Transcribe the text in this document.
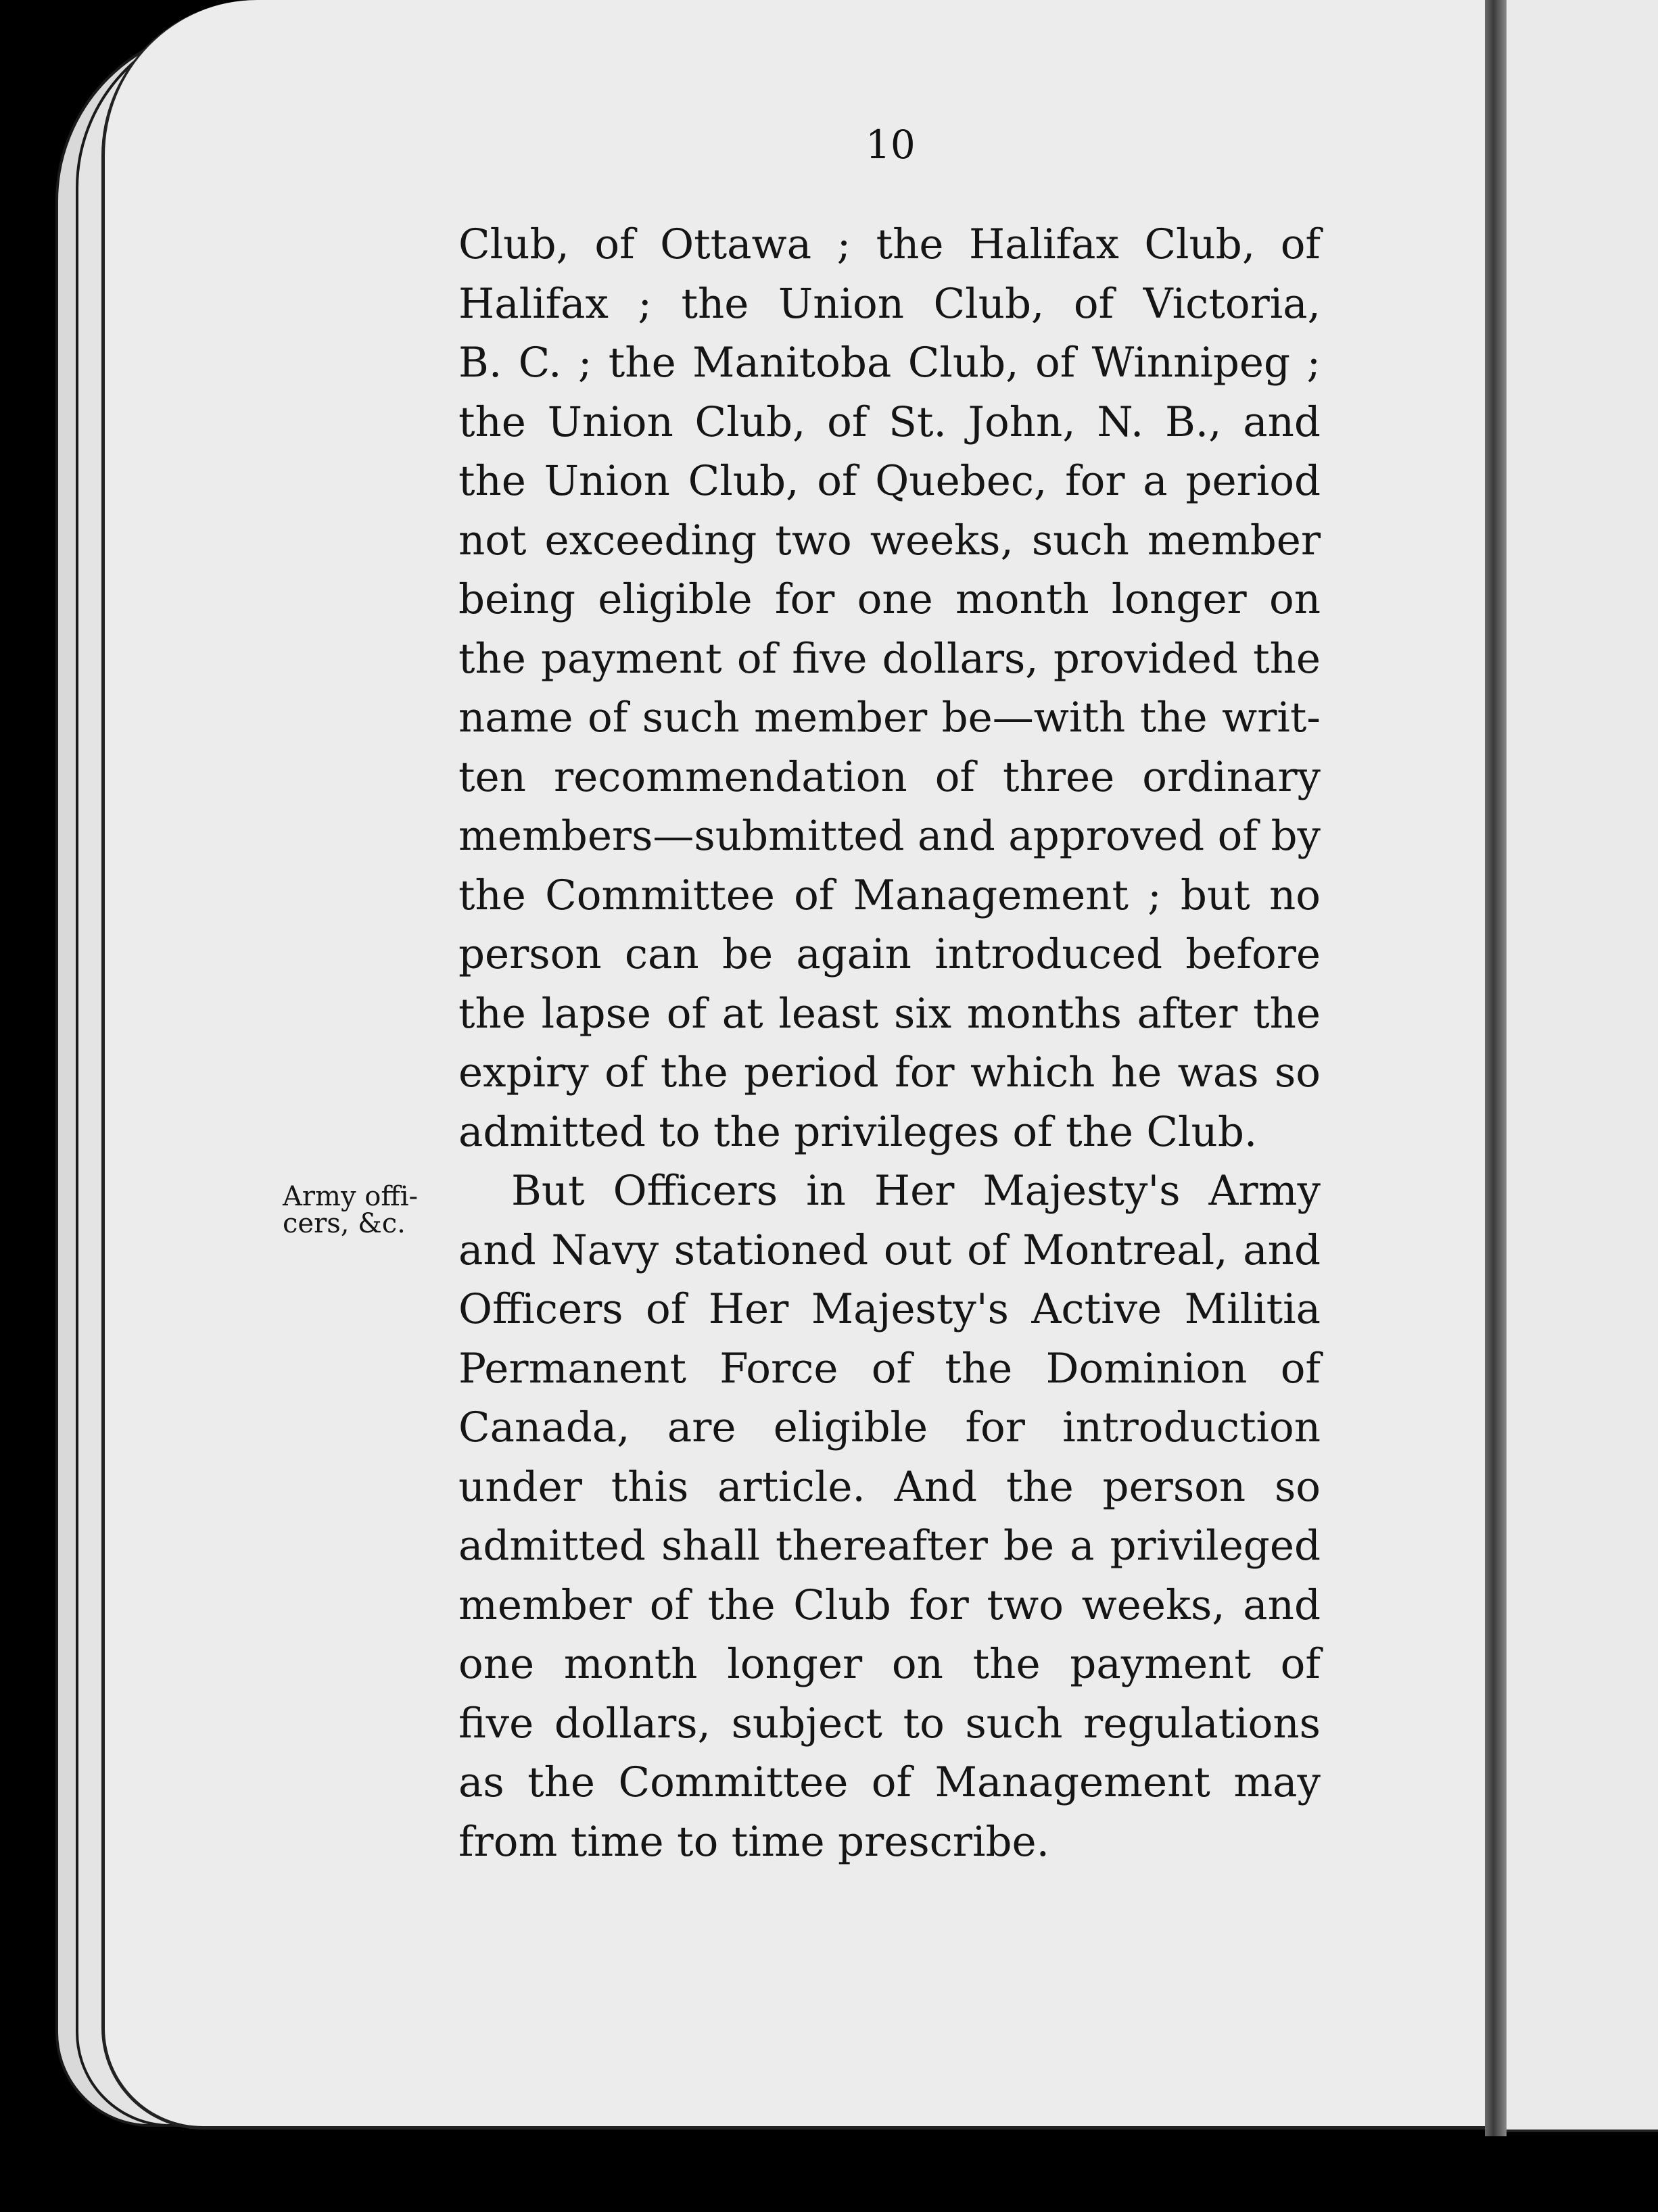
10
Army offi-
cers, &c.
Club, of Ottawa ; the Halifax Club, of
Halifax ; the Union Club, of Victoria,
B. C. ; the Manitoba Club, of Winnipeg ;
the Union Club, of St. John, N. B., and
the Union Club, of Quebec, for a period
not exceeding two weeks, such member
being eligible for one month longer on
the payment of five dollars, provided the
name of such member be—with the writ-
ten recommendation of three ordinary
members—submitted and approved of by
the Committee of Management ; but no
person can be again introduced before
the lapse of at least six months after the
expiry of the period for which he was so
admitted to the privileges of the Club.
But Officers in Her Majesty's Army
and Navy stationed out of Montreal, and
Officers of Her Majesty's Active Militia
Permanent Force of the Dominion of
Canada, are eligible for introduction
under this article. And the person so
admitted shall thereafter be a privileged
member of the Club for two weeks, and
one month longer on the payment of
five dollars, subject to such regulations
as the Committee of Management may
from time to time prescribe.
